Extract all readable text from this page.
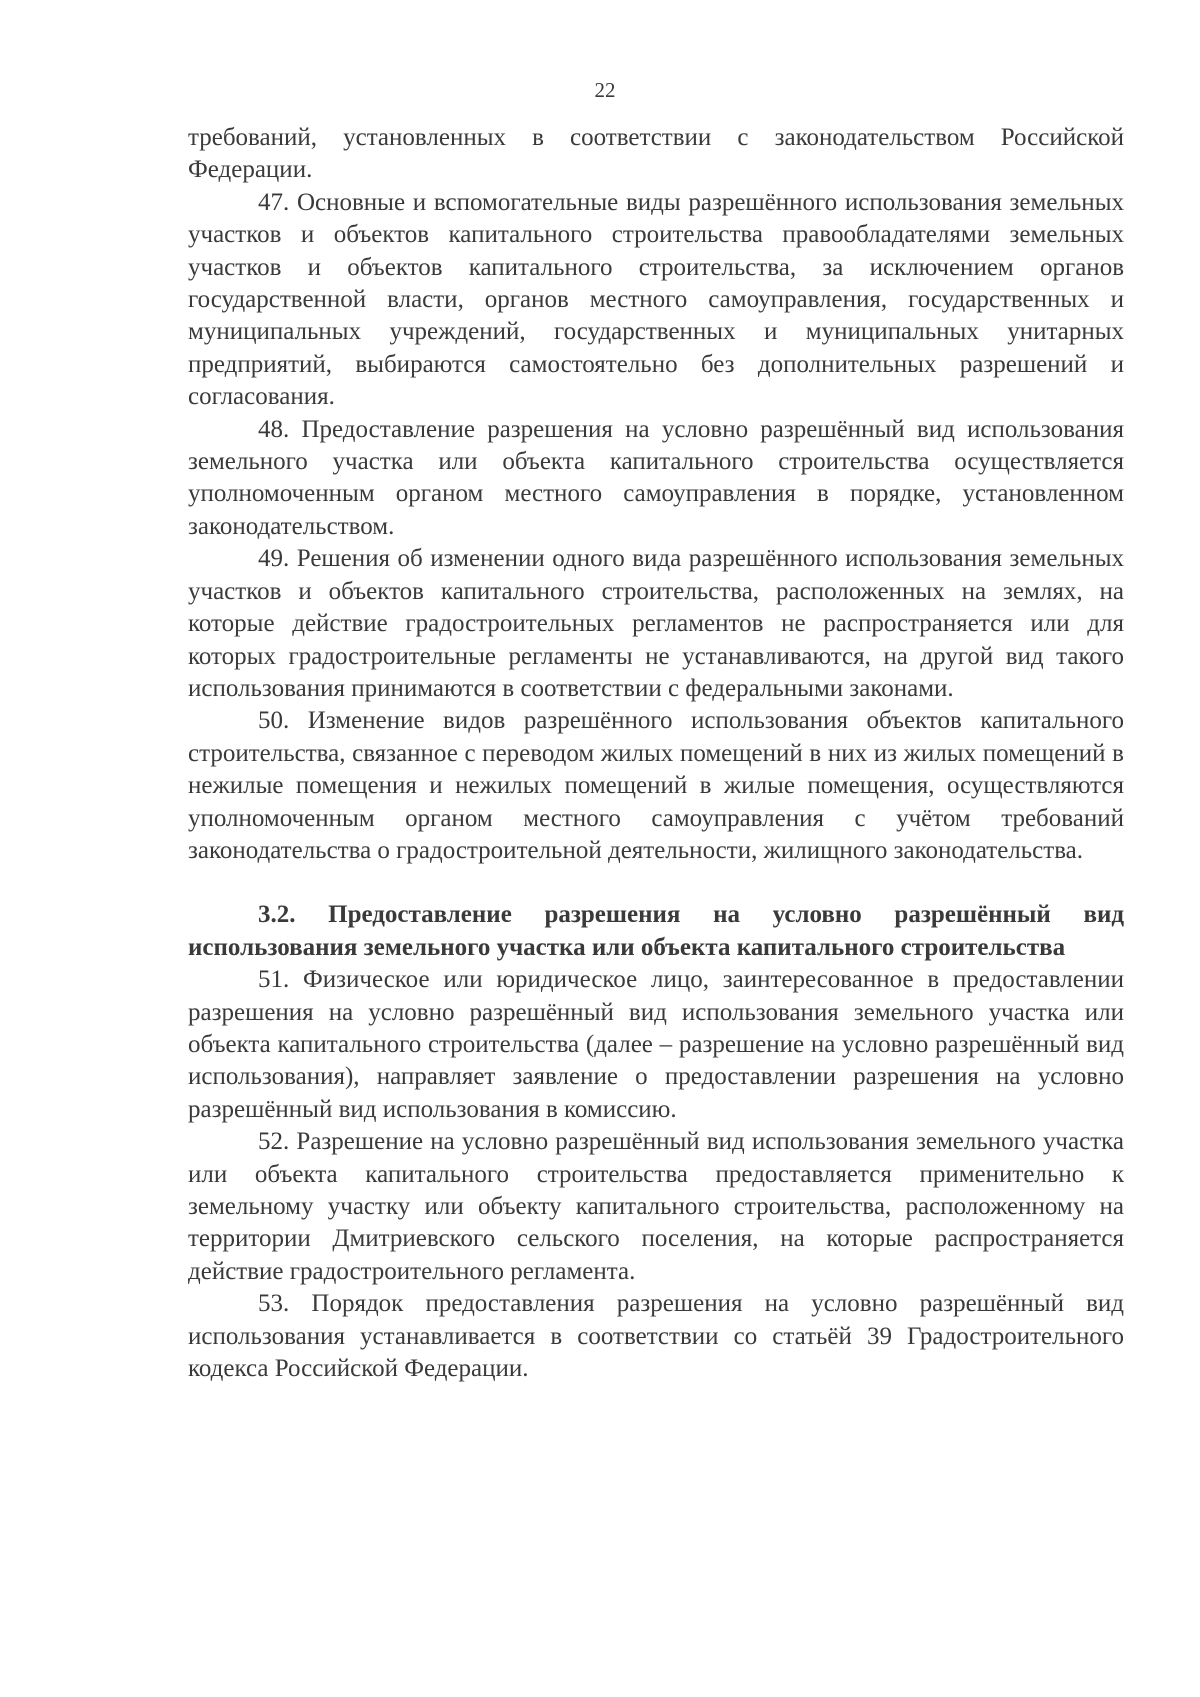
22

требований, установленных в соответствии с законодательством Российской Федерации.

47. Основные и вспомогательные виды разрешённого использования земельных участков и объектов капитального строительства правообладателями земельных участков и объектов капитального строительства, за исключением органов государственной власти, органов местного самоуправления, государственных и муниципальных учреждений, государственных и муниципальных унитарных предприятий, выбираются самостоятельно без дополнительных разрешений и согласования.

48. Предоставление разрешения на условно разрешённый вид использования земельного участка или объекта капитального строительства осуществляется уполномоченным органом местного самоуправления в порядке, установленном законодательством.

49. Решения об изменении одного вида разрешённого использования земельных участков и объектов капитального строительства, расположенных на землях, на которые действие градостроительных регламентов не распространяется или для которых градостроительные регламенты не устанавливаются, на другой вид такого использования принимаются в соответствии с федеральными законами.

50. Изменение видов разрешённого использования объектов капитального строительства, связанное с переводом жилых помещений в них из жилых помещений в нежилые помещения и нежилых помещений в жилые помещения, осуществляются уполномоченным органом местного самоуправления с учётом требований законодательства о градостроительной деятельности, жилищного законодательства.

3.2. Предоставление разрешения на условно разрешённый вид использования земельного участка или объекта капитального строительства

51. Физическое или юридическое лицо, заинтересованное в предоставлении разрешения на условно разрешённый вид использования земельного участка или объекта капитального строительства (далее – разрешение на условно разрешённый вид использования), направляет заявление о предоставлении разрешения на условно разрешённый вид использования в комиссию.

52. Разрешение на условно разрешённый вид использования земельного участка или объекта капитального строительства предоставляется применительно к земельному участку или объекту капитального строительства, расположенному на территории Дмитриевского сельского поселения, на которые распространяется действие градостроительного регламента.

53. Порядок предоставления разрешения на условно разрешённый вид использования устанавливается в соответствии со статьёй 39 Градостроительного кодекса Российской Федерации.
